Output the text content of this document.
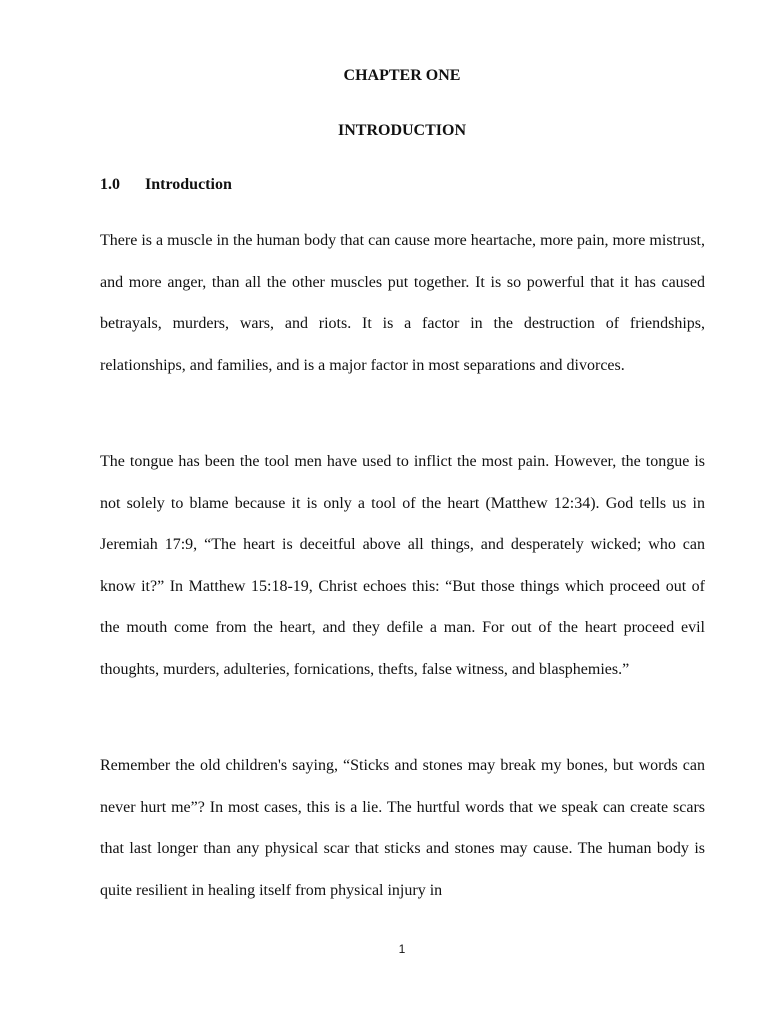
CHAPTER ONE
INTRODUCTION
1.0 Introduction

There is a muscle in the human body that can cause more heartache, more pain, more mistrust, and more anger, than all the other muscles put together. It is so powerful that it has caused betrayals, murders, wars, and riots. It is a factor in the destruction of friendships, relationships, and families, and is a major factor in most separations and divorces.

The tongue has been the tool men have used to inflict the most pain. However, the tongue is not solely to blame because it is only a tool of the heart (Matthew 12:34). God tells us in Jeremiah 17:9, “The heart is deceitful above all things, and desperately wicked; who can know it?” In Matthew 15:18-19, Christ echoes this: “But those things which proceed out of the mouth come from the heart, and they defile a man. For out of the heart proceed evil thoughts, murders, adulteries, fornications, thefts, false witness, and blasphemies.”

Remember the old children's saying, “Sticks and stones may break my bones, but words can never hurt me”? In most cases, this is a lie. The hurtful words that we speak can create scars that last longer than any physical scar that sticks and stones may cause. The human body is quite resilient in healing itself from physical injury in

1
